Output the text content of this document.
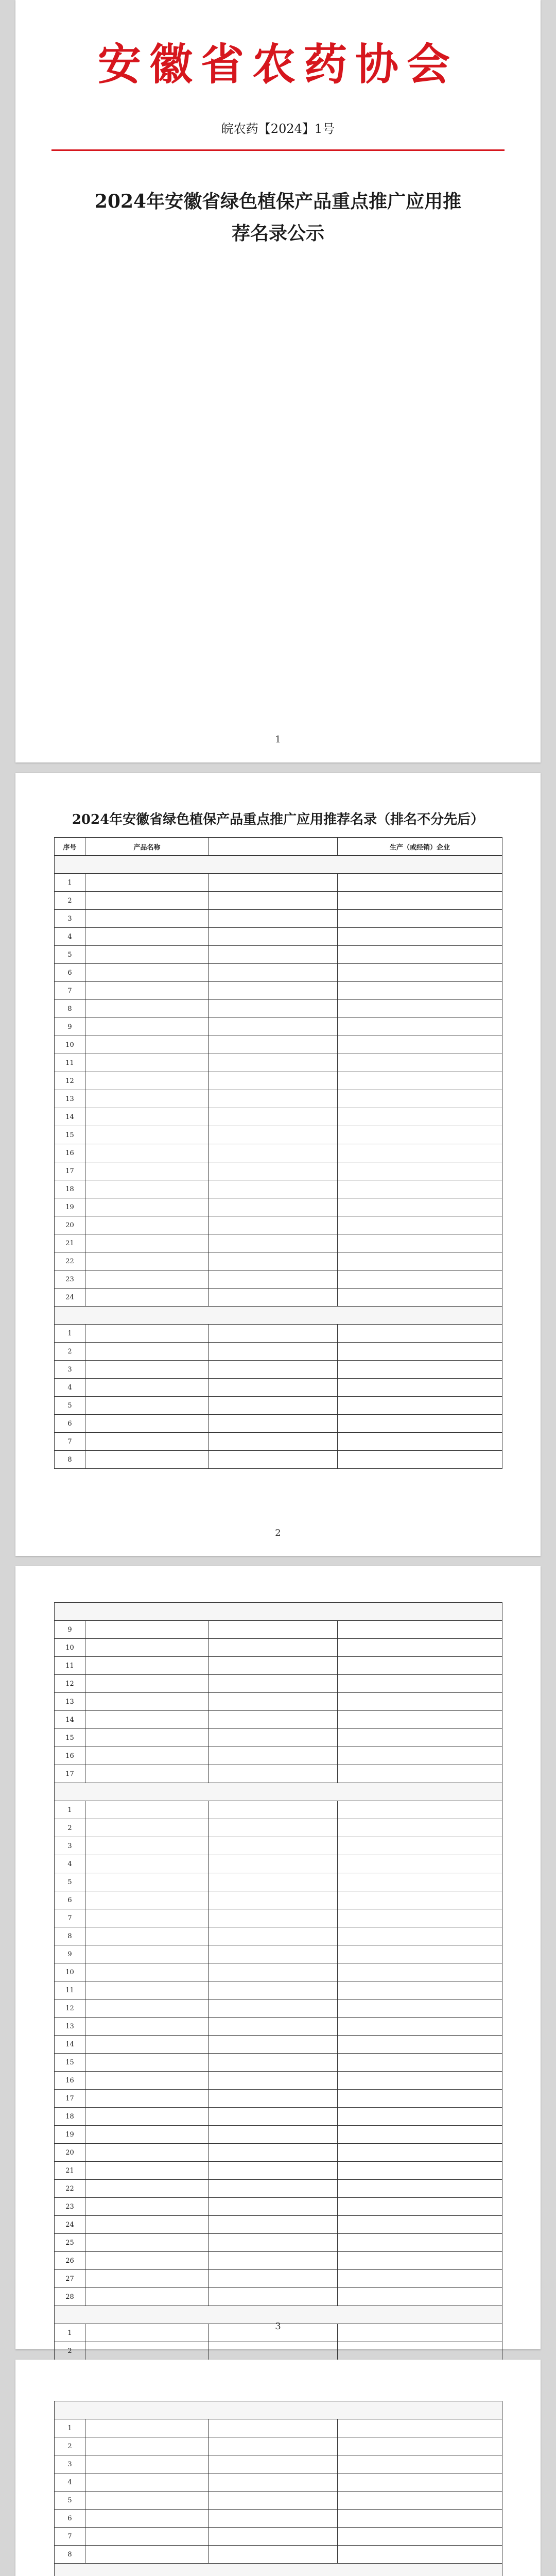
安徽省农药协会
皖农药【2024】1号
2024年安徽省绿色植保产品重点推广应用推荐名录公示

1
2024年安徽省绿色植保产品重点推广应用推荐名录（排名不分先后）
序号	产品名称		生产（或经销）企业

1			
2			
3			
4			
5			
6			
7			
8			
9			
10			
11			
12			
13			
14			
15			
16			
17			
18			
19			
20			
21			
22			
23			
24			

1			
2			
3			
4			
5			
6			
7			
8			
2

9			
10			
11			
12			
13			
14			
15			
16			
17			

1			
2			
3			
4			
5			
6			
7			
8			
9			
10			
11			
12			
13			
14			
15			
16			
17			
18			
19			
20			
21			
22			
23			
24			
25			
26			
27			
28			

1			
2			
3

1			
2			
3			
4			
5			
6			
7			
8			
